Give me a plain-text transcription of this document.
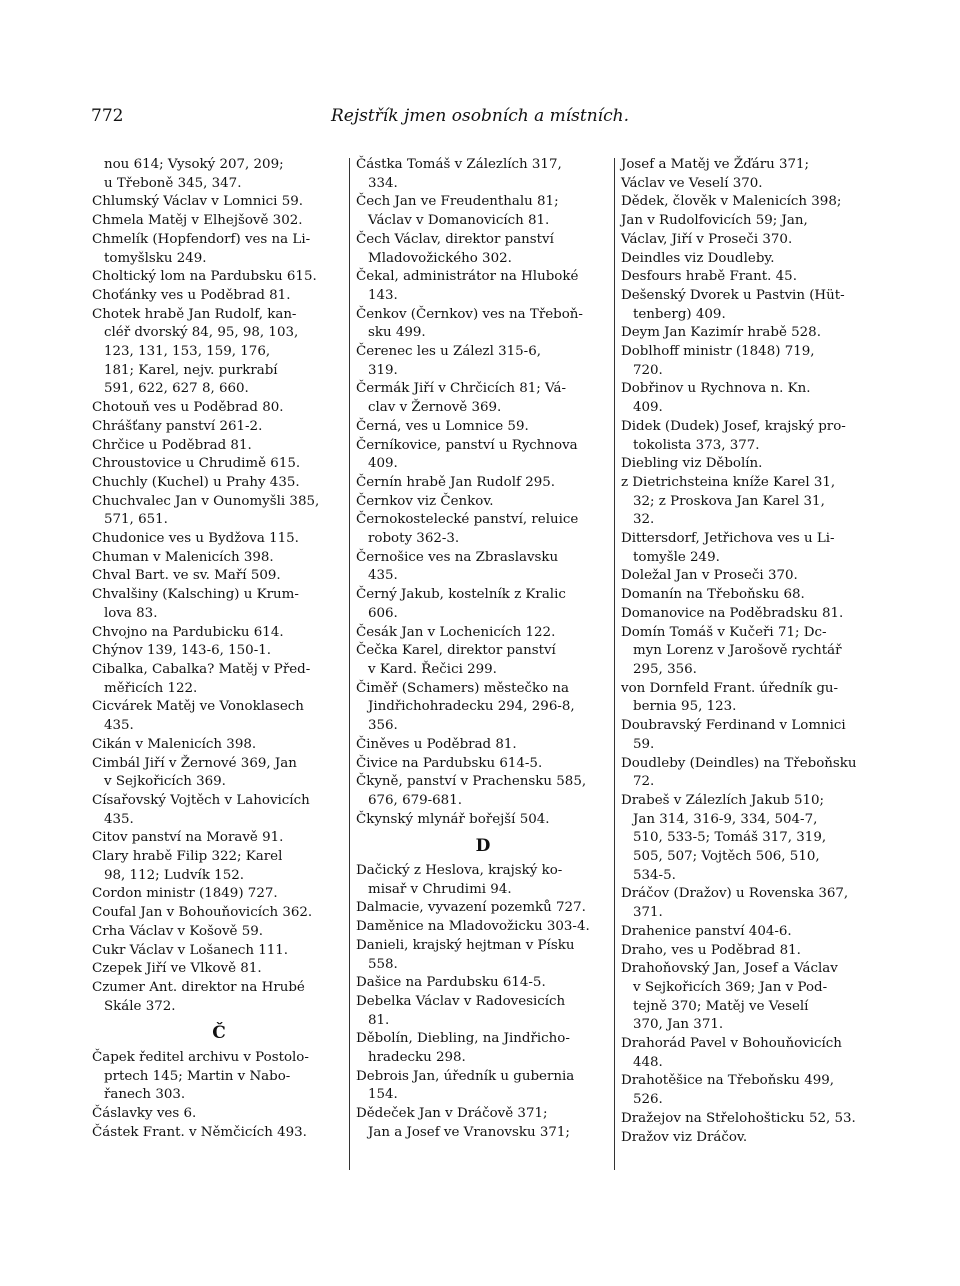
772	Rejstřík jmen osobních a místních.
nou 614; Vysoký 207, 209;
u Třeboně 345, 347.
Chlumský Václav v Lomnici 59.
Chmela Matěj v Elhejšově 302.
Chmelík (Hopfendorf) ves na Li-
tomyšlsku 249.
Choltický lom na Pardubsku 615.
Choťánky ves u Poděbrad 81.
Chotek hrabě Jan Rudolf, kan-
cléř dvorský 84, 95, 98, 103,
123, 131, 153, 159, 176,
181; Karel, nejv. purkrabí
591, 622, 627 8, 660.
Chotouň ves u Poděbrad 80.
Chrášťany panství 261-2.
Chrčice u Poděbrad 81.
Chroustovice u Chrudimě 615.
Chuchly (Kuchel) u Prahy 435.
Chuchvalec Jan v Ounomyšli 385,
571, 651.
Chudonice ves u Bydžova 115.
Chuman v Malenicích 398.
Chval Bart. ve sv. Maří 509.
Chvalšiny (Kalsching) u Krum-
lova 83.
Chvojno na Pardubicku 614.
Chýnov 139, 143-6, 150-1.
Cibalka, Cabalka? Matěj v Před-
měřicích 122.
Cicvárek Matěj ve Vonoklasech
435.
Cikán v Malenicích 398.
Cimbál Jiří v Žernové 369, Jan
v Sejkořicích 369.
Císařovský Vojtěch v Lahovicích
435.
Citov panství na Moravě 91.
Clary hrabě Filip 322; Karel
98, 112; Ludvík 152.
Cordon ministr (1849) 727.
Coufal Jan v Bohouňovicích 362.
Crha Václav v Košově 59.
Cukr Václav v Lošanech 111.
Czepek Jiří ve Vlkově 81.
Czumer Ant. direktor na Hrubé
Skále 372.
Č
Čapek ředitel archivu v Postolo-
prtech 145; Martin v Nabo-
řanech 303.
Čáslavky ves 6.
Částek Frant. v Němčicích 493.
Částka Tomáš v Zálezlích 317,
334.
Čech Jan ve Freudenthalu 81;
Václav v Domanovicích 81.
Čech Václav, direktor panství
Mladovožického 302.
Čekal, administrátor na Hluboké
143.
Čenkov (Černkov) ves na Třeboň-
sku 499.
Čerenec les u Zálezl 315-6,
319.
Čermák Jiří v Chrčicích 81; Vá-
clav v Žernově 369.
Černá, ves u Lomnice 59.
Černíkovice, panství u Rychnova
409.
Černín hrabě Jan Rudolf 295.
Černkov viz Čenkov.
Černokostelecké panství, reluice
roboty 362-3.
Černošice ves na Zbraslavsku
435.
Černý Jakub, kostelník z Kralic
606.
Česák Jan v Lochenicích 122.
Čečka Karel, direktor panství
v Kard. Řečici 299.
Čiměř (Schamers) městečko na
Jindřichohradecku 294, 296-8,
356.
Činěves u Poděbrad 81.
Čivice na Pardubsku 614-5.
Čkyně, panství v Prachensku 585,
676, 679-681.
Čkynský mlynář bořejší 504.
D
Dačický z Heslova, krajský ko-
misař v Chrudimi 94.
Dalmacie, vyvazení pozemků 727.
Daměnice na Mladovožicku 303-4.
Danieli, krajský hejtman v Písku
558.
Dašice na Pardubsku 614-5.
Debelka Václav v Radovesicích
81.
Děbolín, Diebling, na Jindřicho-
hradecku 298.
Debrois Jan, úředník u gubernia
154.
Dědeček Jan v Dráčově 371;
Jan a Josef ve Vranovsku 371;
Josef a Matěj ve Žďáru 371;
Václav ve Veselí 370.
Dědek, člověk v Malenicích 398;
Jan v Rudolfovicích 59; Jan,
Václav, Jiří v Proseči 370.
Deindles viz Doudleby.
Desfours hrabě Frant. 45.
Dešenský Dvorek u Pastvin (Hüt-
tenberg) 409.
Deym Jan Kazimír hrabě 528.
Doblhoff ministr (1848) 719,
720.
Dobřinov u Rychnova n. Kn.
409.
Didek (Dudek) Josef, krajský pro-
tokolista 373, 377.
Diebling viz Děbolín.
z Dietrichsteina kníže Karel 31,
32; z Proskova Jan Karel 31,
32.
Dittersdorf, Jetřichova ves u Li-
tomyšle 249.
Doležal Jan v Proseči 370.
Domanín na Třeboňsku 68.
Domanovice na Poděbradsku 81.
Domín Tomáš v Kučeři 71; Dc-
myn Lorenz v Jarošově rychtář
295, 356.
von Dornfeld Frant. úředník gu-
bernia 95, 123.
Doubravský Ferdinand v Lomnici
59.
Doudleby (Deindles) na Třeboňsku
72.
Drabeš v Zálezlích Jakub 510;
Jan 314, 316-9, 334, 504-7,
510, 533-5; Tomáš 317, 319,
505, 507; Vojtěch 506, 510,
534-5.
Dráčov (Dražov) u Rovenska 367,
371.
Drahenice panství 404-6.
Draho, ves u Poděbrad 81.
Drahoňovský Jan, Josef a Václav
v Sejkořicích 369; Jan v Pod-
tejně 370; Matěj ve Veselí
370, Jan 371.
Drahorád Pavel v Bohouňovicích
448.
Drahotěšice na Třeboňsku 499,
526.
Dražejov na Střelohošticku 52, 53.
Dražov viz Dráčov.
